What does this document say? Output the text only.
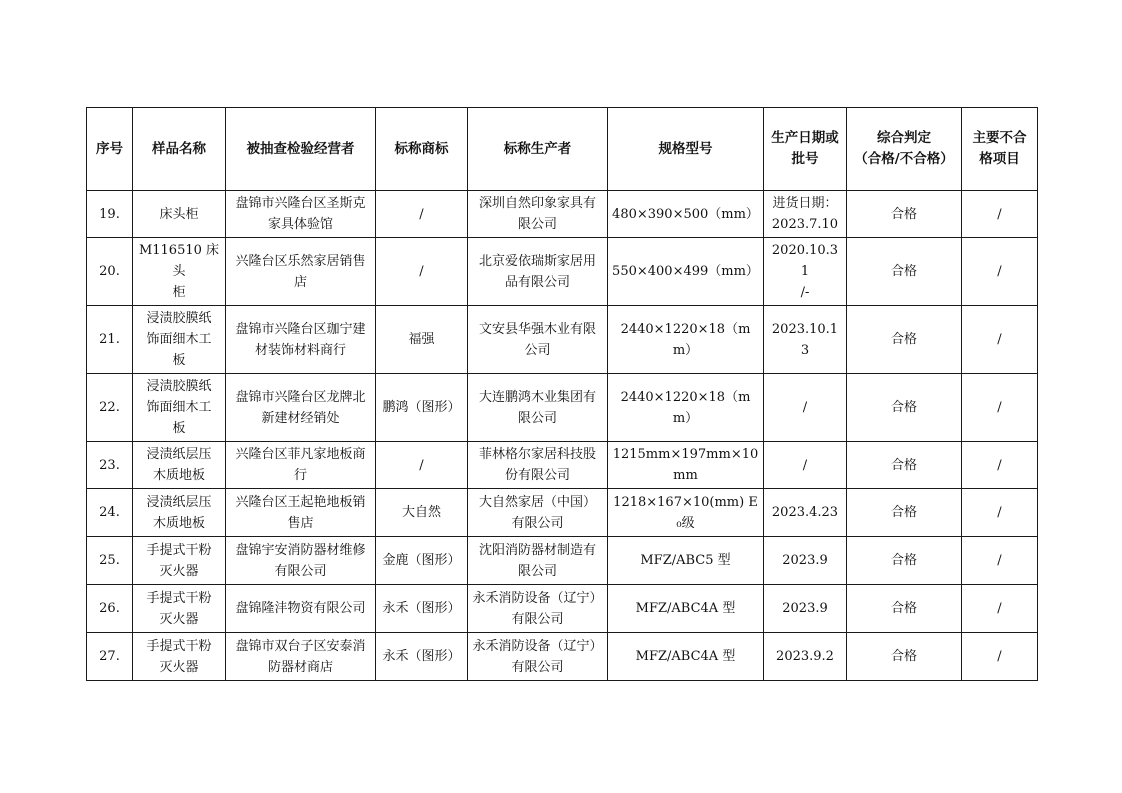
序号	样品名称	被抽查检验经营者	标称商标	标称生产者	规格型号	生产日期或
批号	综合判定
（合格/不合格）	主要不合
格项目
19.	床头柜	盘锦市兴隆台区圣斯克
家具体验馆	/	深圳自然印象家具有
限公司	480×390×500（mm）	进货日期：
2023.7.10	合格	/
20.	M116510 床头
柜	兴隆台区乐然家居销售
店	/	北京爱依瑞斯家居用
品有限公司	550×400×499（mm）	2020.10.31
/-	合格	/
21.	浸渍胶膜纸
饰面细木工
板	盘锦市兴隆台区珈宁建
材装饰材料商行	福强	文安县华强木业有限
公司	2440×1220×18（mm）	2023.10.13	合格	/
22.	浸渍胶膜纸
饰面细木工
板	盘锦市兴隆台区龙牌北
新建材经销处	鹏鸿（图形）	大连鹏鸿木业集团有
限公司	2440×1220×18（mm）	/	合格	/
23.	浸渍纸层压
木质地板	兴隆台区菲凡家地板商
行	/	菲林格尔家居科技股
份有限公司	1215mm×197mm×10mm	/	合格	/
24.	浸渍纸层压
木质地板	兴隆台区王起艳地板销
售店	大自然	大自然家居（中国）
有限公司	1218×167×10(mm) E₀级	2023.4.23	合格	/
25.	手提式干粉
灭火器	盘锦宇安消防器材维修
有限公司	金鹿（图形）	沈阳消防器材制造有
限公司	MFZ/ABC5 型	2023.9	合格	/
26.	手提式干粉
灭火器	盘锦隆沣物资有限公司	永禾（图形）	永禾消防设备（辽宁）
有限公司	MFZ/ABC4A 型	2023.9	合格	/
27.	手提式干粉
灭火器	盘锦市双台子区安泰消
防器材商店	永禾（图形）	永禾消防设备（辽宁）
有限公司	MFZ/ABC4A 型	2023.9.2	合格	/
